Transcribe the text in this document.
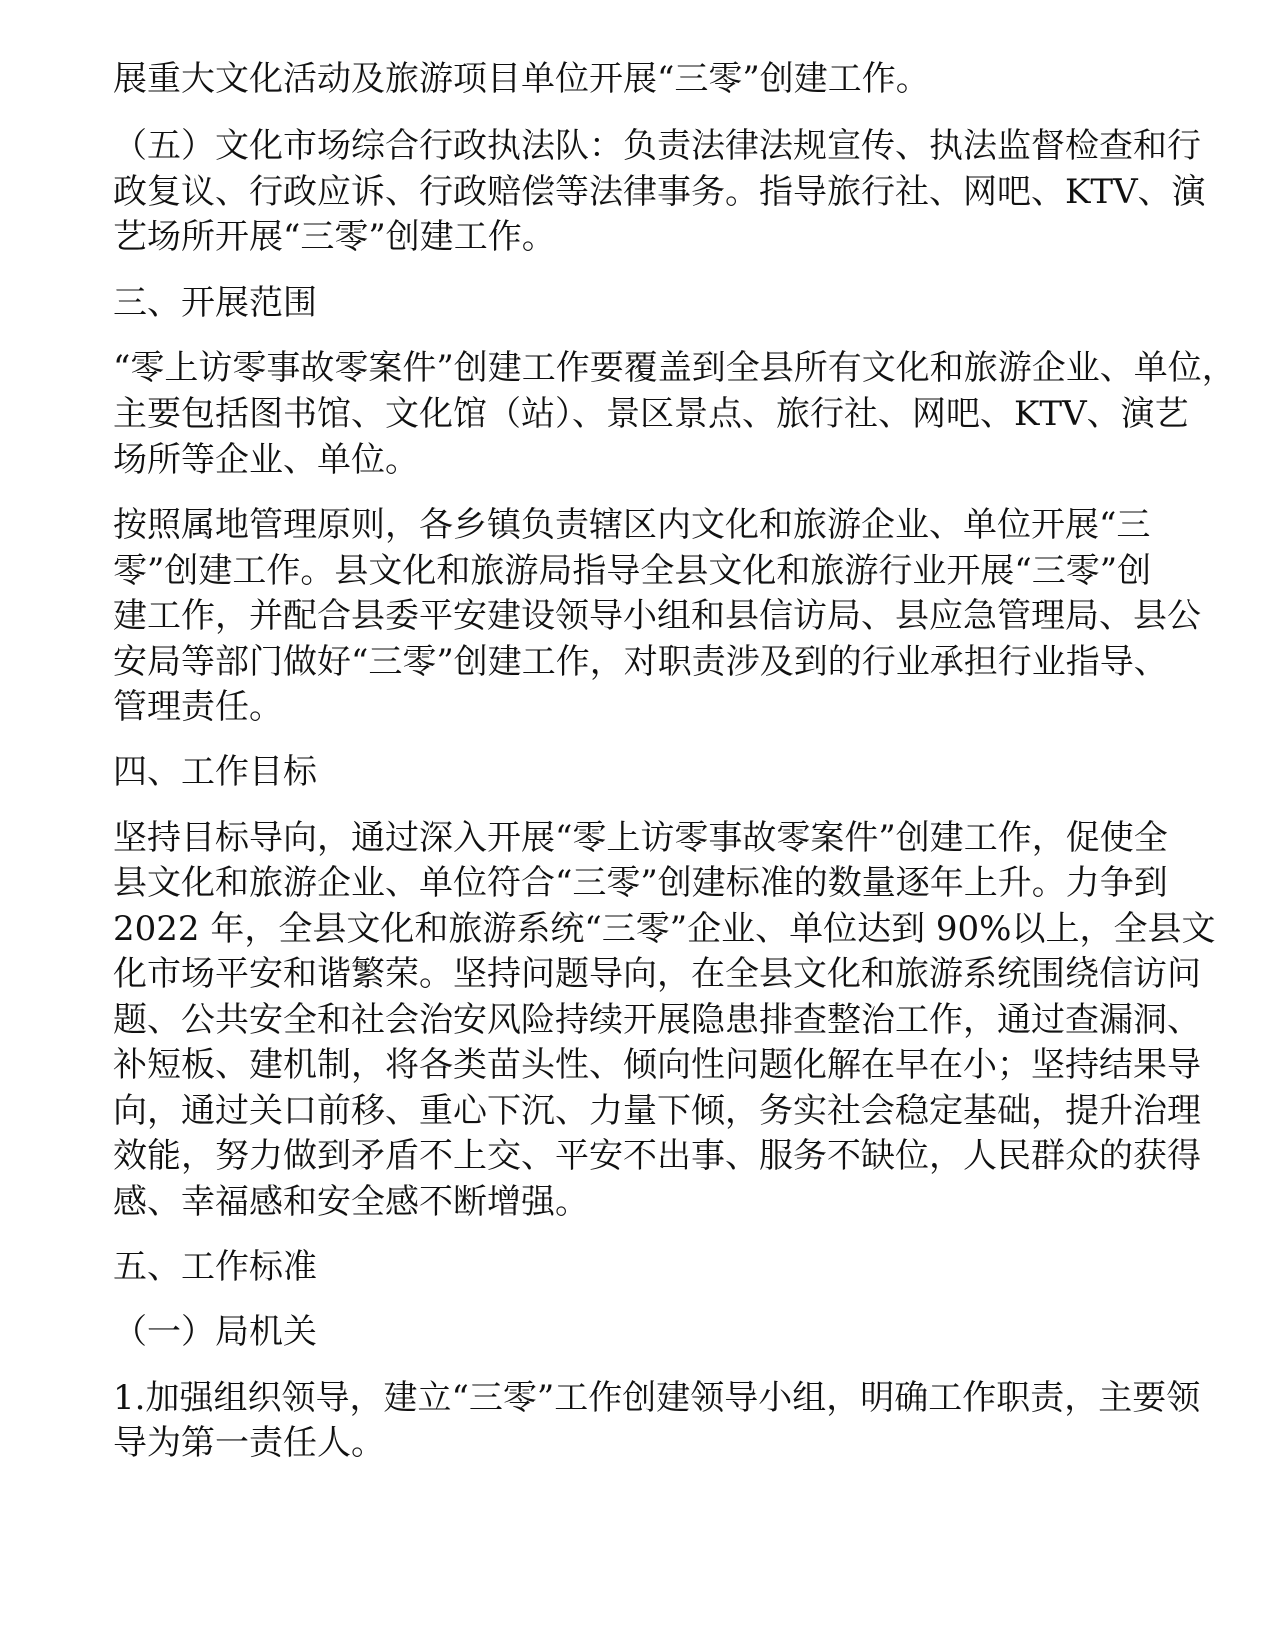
展重大文化活动及旅游项目单位开展“三零”创建工作。

（五）文化市场综合行政执法队：负责法律法规宣传、执法监督检查和行

政复议、行政应诉、行政赔偿等法律事务。指导旅行社、网吧、KTV、演

艺场所开展“三零”创建工作。

三、开展范围

“零上访零事故零案件”创建工作要覆盖到全县所有文化和旅游企业、单位，

主要包括图书馆、文化馆（站）、景区景点、旅行社、网吧、KTV、演艺

场所等企业、单位。

按照属地管理原则，各乡镇负责辖区内文化和旅游企业、单位开展“三

零”创建工作。县文化和旅游局指导全县文化和旅游行业开展“三零”创

建工作，并配合县委平安建设领导小组和县信访局、县应急管理局、县公

安局等部门做好“三零”创建工作，对职责涉及到的行业承担行业指导、

管理责任。

四、工作目标

坚持目标导向，通过深入开展“零上访零事故零案件”创建工作，促使全

县文化和旅游企业、单位符合“三零”创建标准的数量逐年上升。力争到

2022 年，全县文化和旅游系统“三零”企业、单位达到 90%以上，全县文

化市场平安和谐繁荣。坚持问题导向，在全县文化和旅游系统围绕信访问

题、公共安全和社会治安风险持续开展隐患排查整治工作，通过查漏洞、

补短板、建机制，将各类苗头性、倾向性问题化解在早在小；坚持结果导

向，通过关口前移、重心下沉、力量下倾，务实社会稳定基础，提升治理

效能，努力做到矛盾不上交、平安不出事、服务不缺位，人民群众的获得

感、幸福感和安全感不断增强。

五、工作标准

（一）局机关

1.加强组织领导，建立“三零”工作创建领导小组，明确工作职责，主要领

导为第一责任人。
